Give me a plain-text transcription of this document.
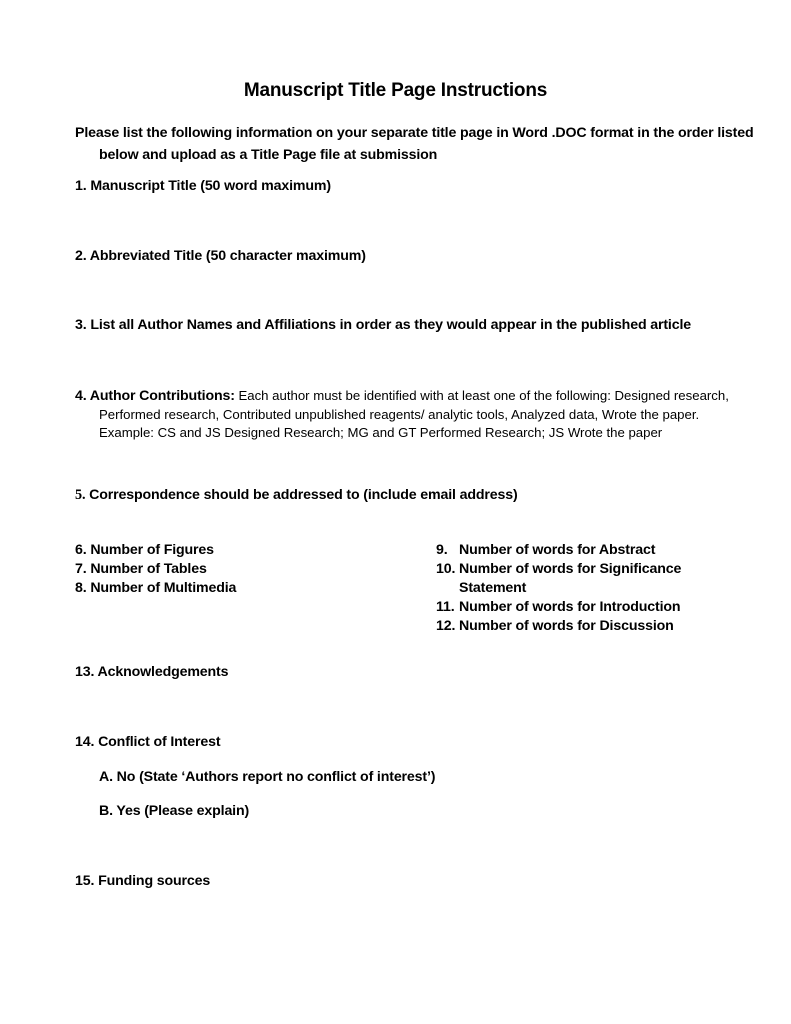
Manuscript Title Page Instructions
Please list the following information on your separate title page in Word .DOC format in the order listed
below and upload as a Title Page file at submission
1. Manuscript Title (50 word maximum)
2. Abbreviated Title (50 character maximum)
3. List all Author Names and Affiliations in order as they would appear in the published article
4. Author Contributions: Each author must be identified with at least one of the following: Designed research,
Performed research, Contributed unpublished reagents/ analytic tools, Analyzed data, Wrote the paper.
Example: CS and JS Designed Research; MG and GT Performed Research; JS Wrote the paper
5. Correspondence should be addressed to (include email address)
6. Number of Figures
7. Number of Tables
8. Number of Multimedia
9. Number of words for Abstract
10. Number of words for Significance
Statement
11. Number of words for Introduction
12. Number of words for Discussion
13. Acknowledgements
14. Conflict of Interest
A. No (State ‘Authors report no conflict of interest’)
B. Yes (Please explain)
15. Funding sources
